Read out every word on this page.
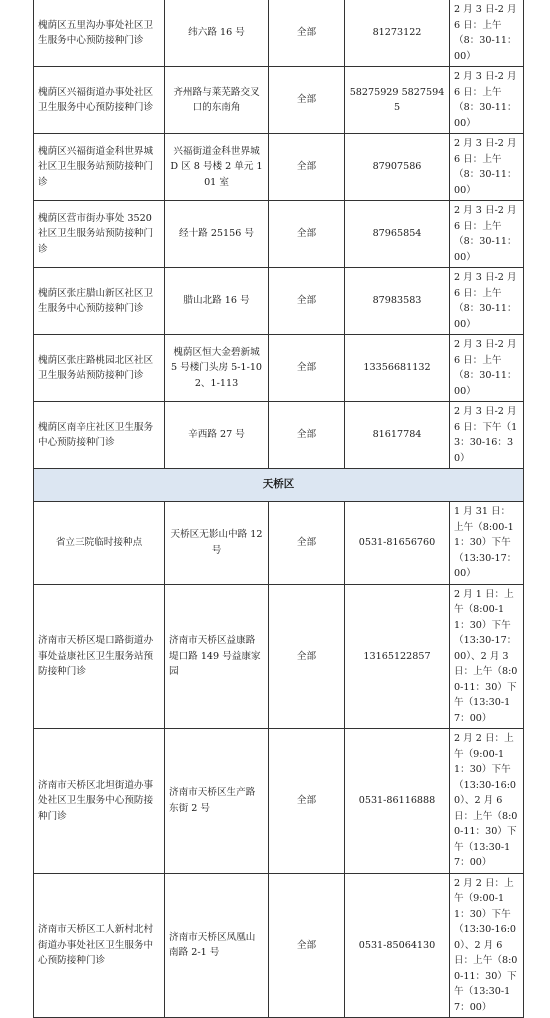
槐荫区五里沟办事处社区卫生服务中心预防接种门诊	纬六路 16 号	全部	81273122	2 月 3 日-2 月 6 日：上午（8：30-11：00）
槐荫区兴福街道办事处社区卫生服务中心预防接种门诊	齐州路与莱芜路交叉口的东南角	全部	58275929 58275945	2 月 3 日-2 月 6 日：上午（8：30-11：00）
槐荫区兴福街道金科世界城社区卫生服务站预防接种门诊	兴福街道金科世界城 D 区 8 号楼 2 单元 101 室	全部	87907586	2 月 3 日-2 月 6 日：上午（8：30-11：00）
槐荫区营市街办事处 3520 社区卫生服务站预防接种门诊	经十路 25156 号	全部	87965854	2 月 3 日-2 月 6 日：上午（8：30-11：00）
槐荫区张庄腊山新区社区卫生服务中心预防接种门诊	腊山北路 16 号	全部	87983583	2 月 3 日-2 月 6 日：上午（8：30-11：00）
槐荫区张庄路桃园北区社区卫生服务站预防接种门诊	槐荫区恒大金碧新城 5 号楼门头房 5-1-102、1-113	全部	13356681132	2 月 3 日-2 月 6 日：上午（8：30-11：00）
槐荫区南辛庄社区卫生服务中心预防接种门诊	辛西路 27 号	全部	81617784	2 月 3 日-2 月 6 日：下午（13：30-16：30）
天桥区				
省立三院临时接种点	天桥区无影山中路 12 号	全部	0531-81656760	1 月 31 日：上午（8:00-11：30）下午（13:30-17：00）
济南市天桥区堤口路街道办事处益康社区卫生服务站预防接种门诊	济南市天桥区益康路堤口路 149 号益康家园	全部	13165122857	2 月 1 日：上午（8:00-11：30）下午（13:30-17：00）、2 月 3 日：上午（8:00-11：30）下午（13:30-17：00）
济南市天桥区北坦街道办事处社区卫生服务中心预防接种门诊	济南市天桥区生产路东街 2 号	全部	0531-86116888	2 月 2 日：上午（9:00-11：30）下午（13:30-16:00）、2 月 6 日：上午（8:00-11：30）下午（13:30-17：00）
济南市天桥区工人新村北村街道办事处社区卫生服务中心预防接种门诊	济南市天桥区凤凰山南路 2-1 号	全部	0531-85064130	2 月 2 日：上午（9:00-11：30）下午（13:30-16:00）、2 月 6 日：上午（8:00-11：30）下午（13:30-17：00）
